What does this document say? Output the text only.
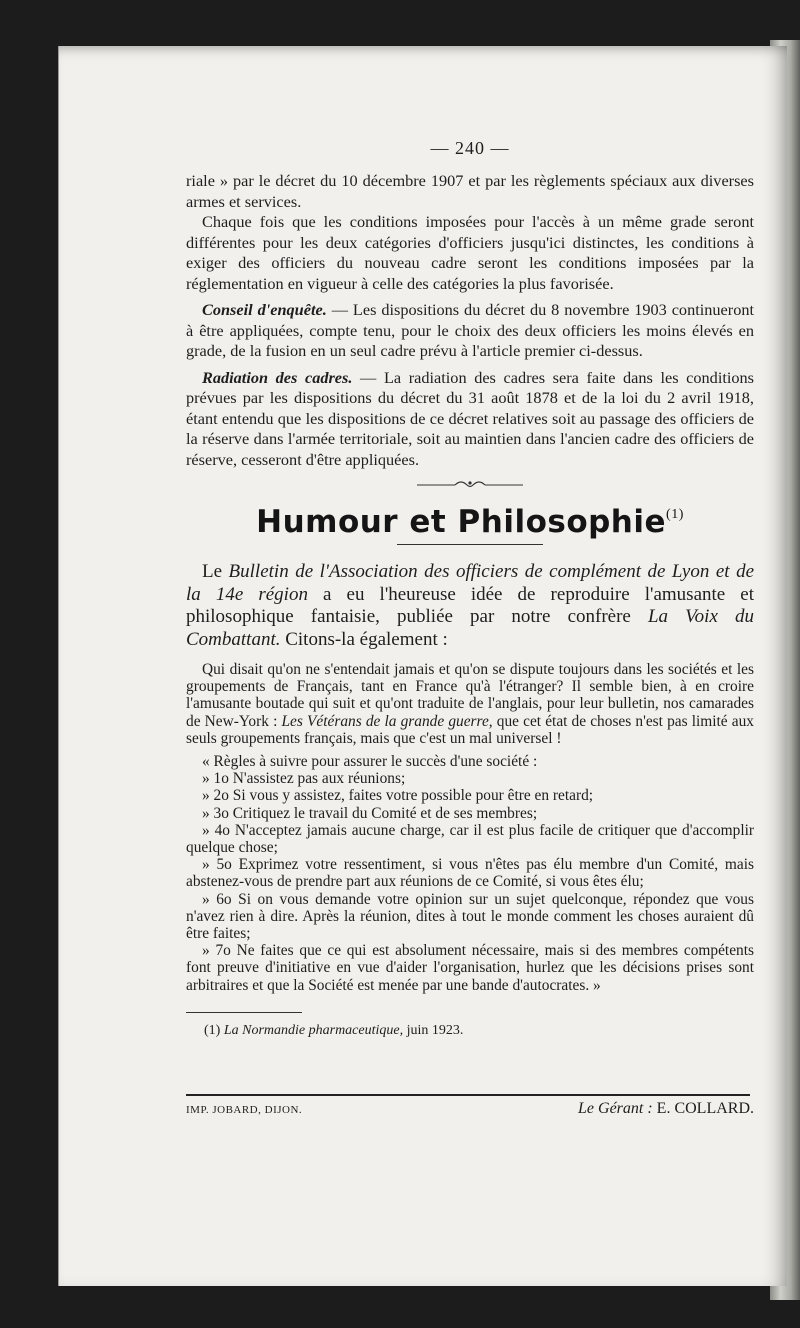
— 240 —

riale » par le décret du 10 décembre 1907 et par les règlements spéciaux aux diverses armes et services.

Chaque fois que les conditions imposées pour l'accès à un même grade seront différentes pour les deux catégories d'officiers jusqu'ici distinctes, les conditions à exiger des officiers du nouveau cadre seront les conditions imposées par la réglementation en vigueur à celle des catégories la plus favorisée.

Conseil d'enquête. — Les dispositions du décret du 8 novembre 1903 continueront à être appliquées, compte tenu, pour le choix des deux officiers les moins élevés en grade, de la fusion en un seul cadre prévu à l'article premier ci-dessus.

Radiation des cadres. — La radiation des cadres sera faite dans les conditions prévues par les dispositions du décret du 31 août 1878 et de la loi du 2 avril 1918, étant entendu que les dispositions de ce décret relatives soit au passage des officiers de la réserve dans l'armée territoriale, soit au maintien dans l'ancien cadre des officiers de réserve, cesseront d'être appliquées.

Humour et Philosophie$^{(1)}$

Le Bulletin de l'Association des officiers de complément de Lyon et de la 14e région a eu l'heureuse idée de reproduire l'amusante et philosophique fantaisie, publiée par notre confrère La Voix du Combattant. Citons-la également :

Qui disait qu'on ne s'entendait jamais et qu'on se dispute toujours dans les sociétés et les groupements de Français, tant en France qu'à l'étranger? Il semble bien, à en croire l'amusante boutade qui suit et qu'ont traduite de l'anglais, pour leur bulletin, nos camarades de New-York : Les Vétérans de la grande guerre, que cet état de choses n'est pas limité aux seuls groupements français, mais que c'est un mal universel !

« Règles à suivre pour assurer le succès d'une société :

» 1o N'assistez pas aux réunions;

» 2o Si vous y assistez, faites votre possible pour être en retard;

» 3o Critiquez le travail du Comité et de ses membres;

» 4o N'acceptez jamais aucune charge, car il est plus facile de critiquer que d'accomplir quelque chose;

» 5o Exprimez votre ressentiment, si vous n'êtes pas élu membre d'un Comité, mais abstenez-vous de prendre part aux réunions de ce Comité, si vous êtes élu;

» 6o Si on vous demande votre opinion sur un sujet quelconque, répondez que vous n'avez rien à dire. Après la réunion, dites à tout le monde comment les choses auraient dû être faites;

» 7o Ne faites que ce qui est absolument nécessaire, mais si des membres compétents font preuve d'initiative en vue d'aider l'organisation, hurlez que les décisions prises sont arbitraires et que la Société est menée par une bande d'autocrates. »

(1) La Normandie pharmaceutique, juin 1923.

IMP. JOBARD, DIJON.	Le Gérant : E. COLLARD.
